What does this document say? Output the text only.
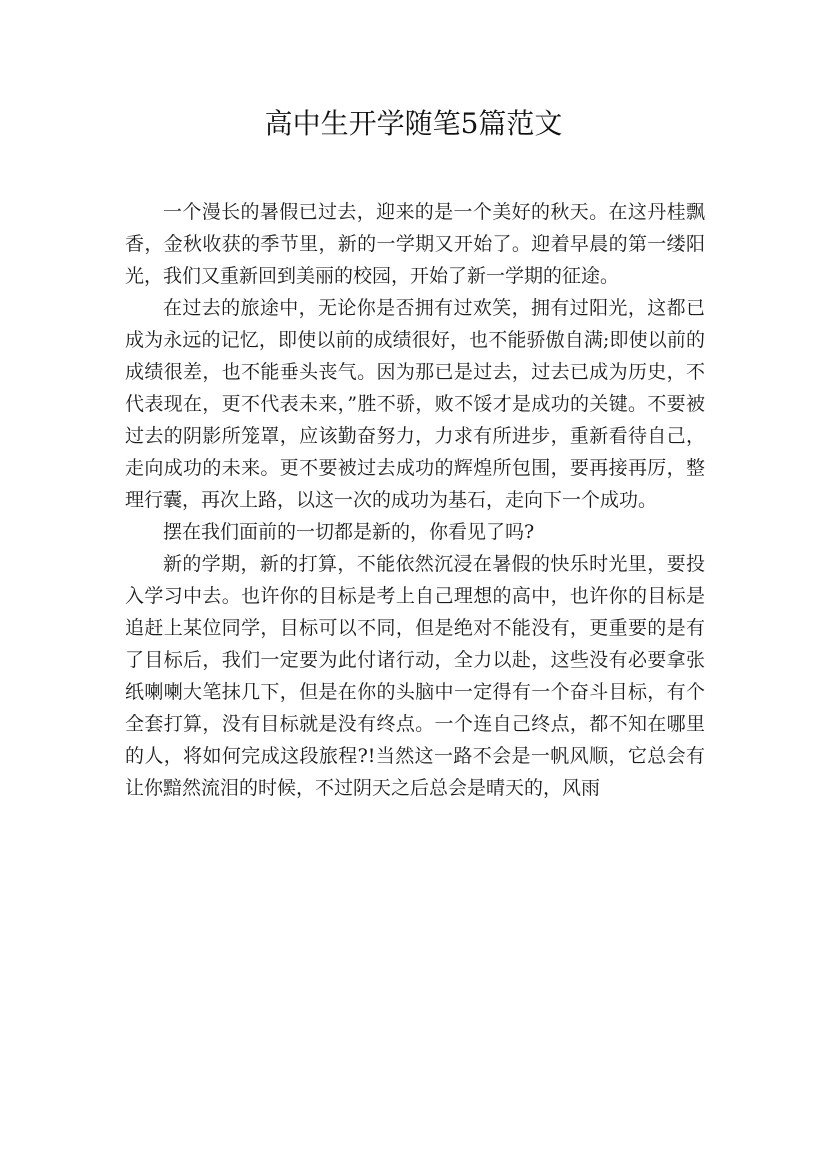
高中生开学随笔5篇范文

一个漫长的暑假已过去，迎来的是一个美好的秋天。在这丹桂飘香，金秋收获的季节里，新的一学期又开始了。迎着早晨的第一缕阳光，我们又重新回到美丽的校园，开始了新一学期的征途。

在过去的旅途中，无论你是否拥有过欢笑，拥有过阳光，这都已成为永远的记忆，即使以前的成绩很好，也不能骄傲自满;即使以前的成绩很差，也不能垂头丧气。因为那已是过去，过去已成为历史，不代表现在，更不代表未来，”胜不骄，败不馁才是成功的关键。不要被过去的阴影所笼罩，应该勤奋努力，力求有所进步，重新看待自己，走向成功的未来。更不要被过去成功的辉煌所包围，要再接再厉，整理行囊，再次上路，以这一次的成功为基石，走向下一个成功。

摆在我们面前的一切都是新的，你看见了吗?

新的学期，新的打算，不能依然沉浸在暑假的快乐时光里，要投入学习中去。也许你的目标是考上自己理想的高中，也许你的目标是追赶上某位同学，目标可以不同，但是绝对不能没有，更重要的是有了目标后，我们一定要为此付诸行动，全力以赴，这些没有必要拿张纸喇喇大笔抹几下，但是在你的头脑中一定得有一个奋斗目标，有个全套打算，没有目标就是没有终点。一个连自己终点，都不知在哪里的人，将如何完成这段旅程?!当然这一路不会是一帆风顺，它总会有让你黯然流泪的时候，不过阴天之后总会是晴天的，风雨
